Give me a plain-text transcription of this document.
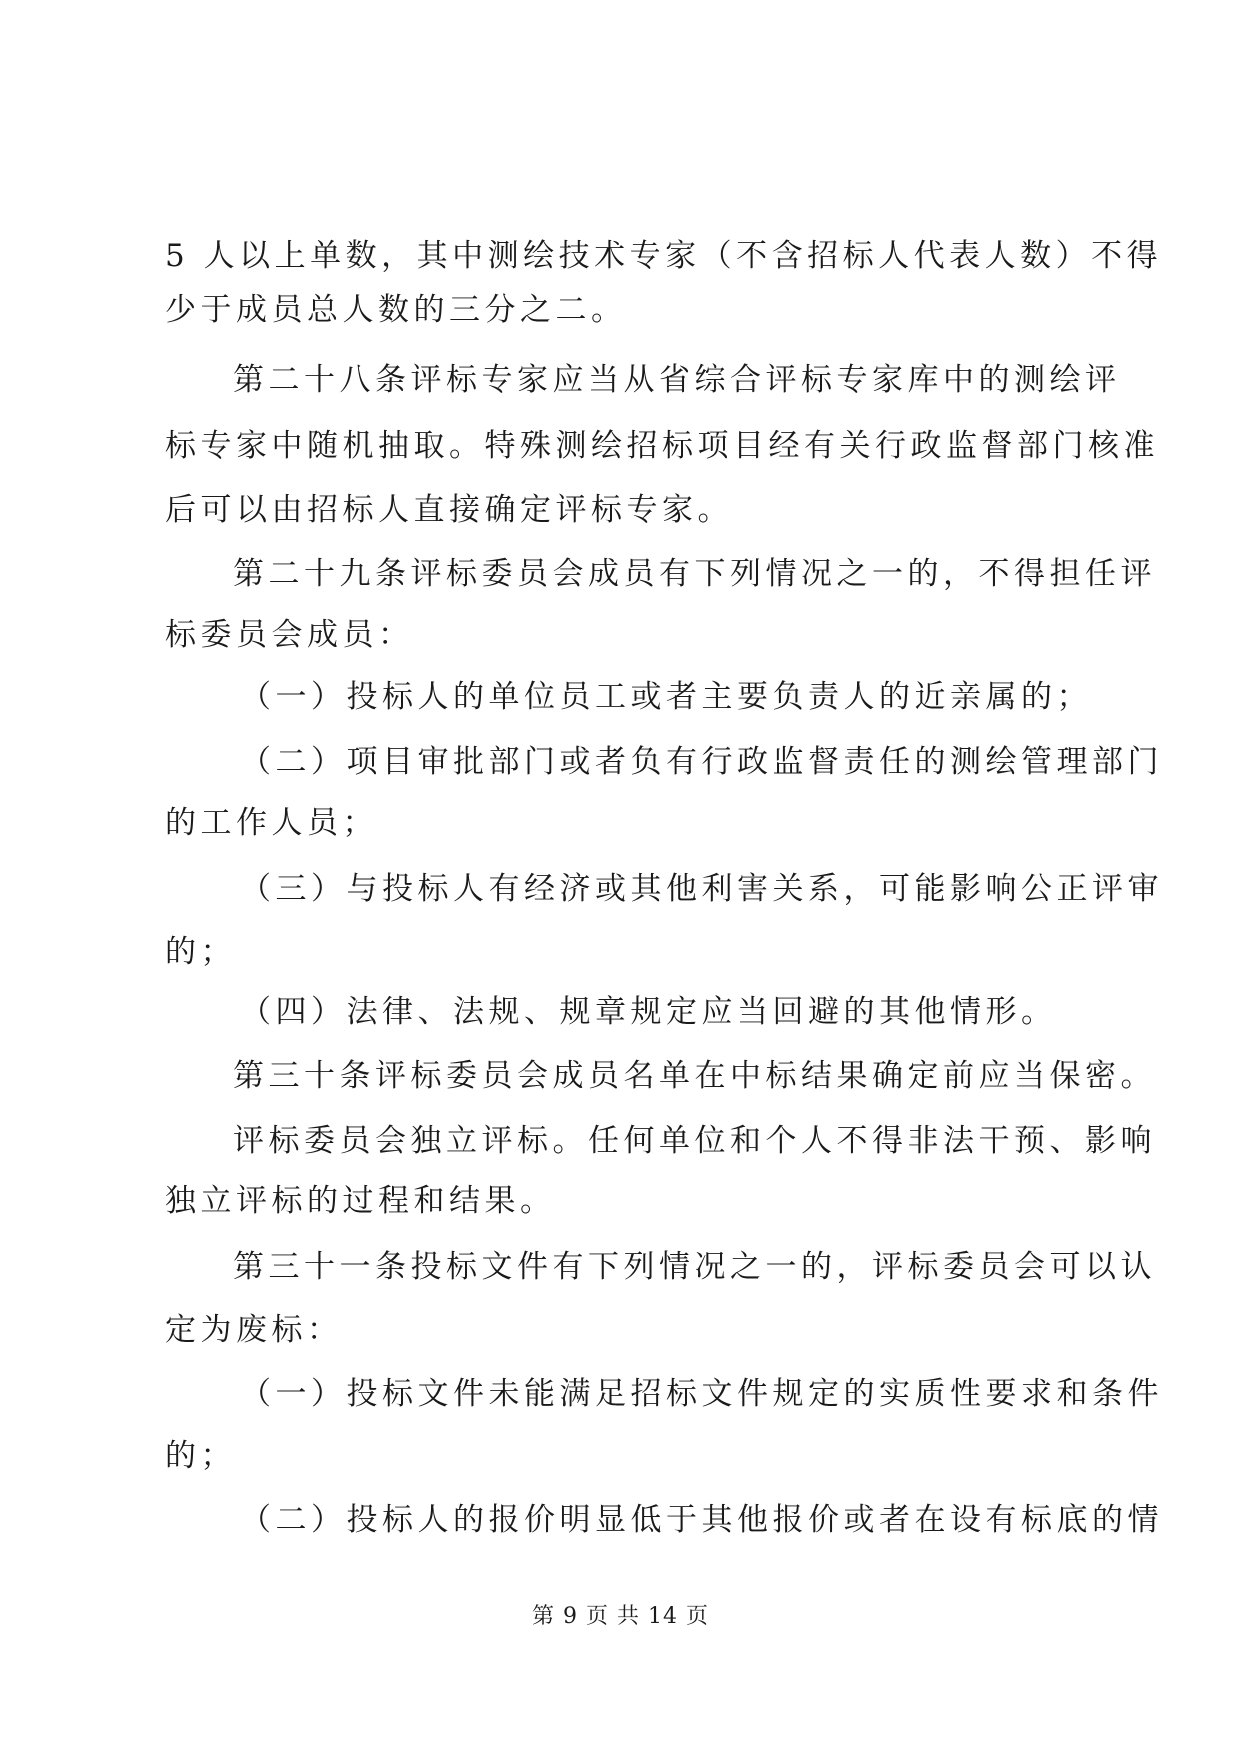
5 人以上单数，其中测绘技术专家（不含招标人代表人数）不得
少于成员总人数的三分之二。
第二十八条评标专家应当从省综合评标专家库中的测绘评
标专家中随机抽取。特殊测绘招标项目经有关行政监督部门核准
后可以由招标人直接确定评标专家。
第二十九条评标委员会成员有下列情况之一的，不得担任评
标委员会成员：
（一）投标人的单位员工或者主要负责人的近亲属的；
（二）项目审批部门或者负有行政监督责任的测绘管理部门
的工作人员；
（三）与投标人有经济或其他利害关系，可能影响公正评审
的；
（四）法律、法规、规章规定应当回避的其他情形。
第三十条评标委员会成员名单在中标结果确定前应当保密。
评标委员会独立评标。任何单位和个人不得非法干预、影响
独立评标的过程和结果。
第三十一条投标文件有下列情况之一的，评标委员会可以认
定为废标：
（一）投标文件未能满足招标文件规定的实质性要求和条件
的；
（二）投标人的报价明显低于其他报价或者在设有标底的情
第 9 页 共 14 页
